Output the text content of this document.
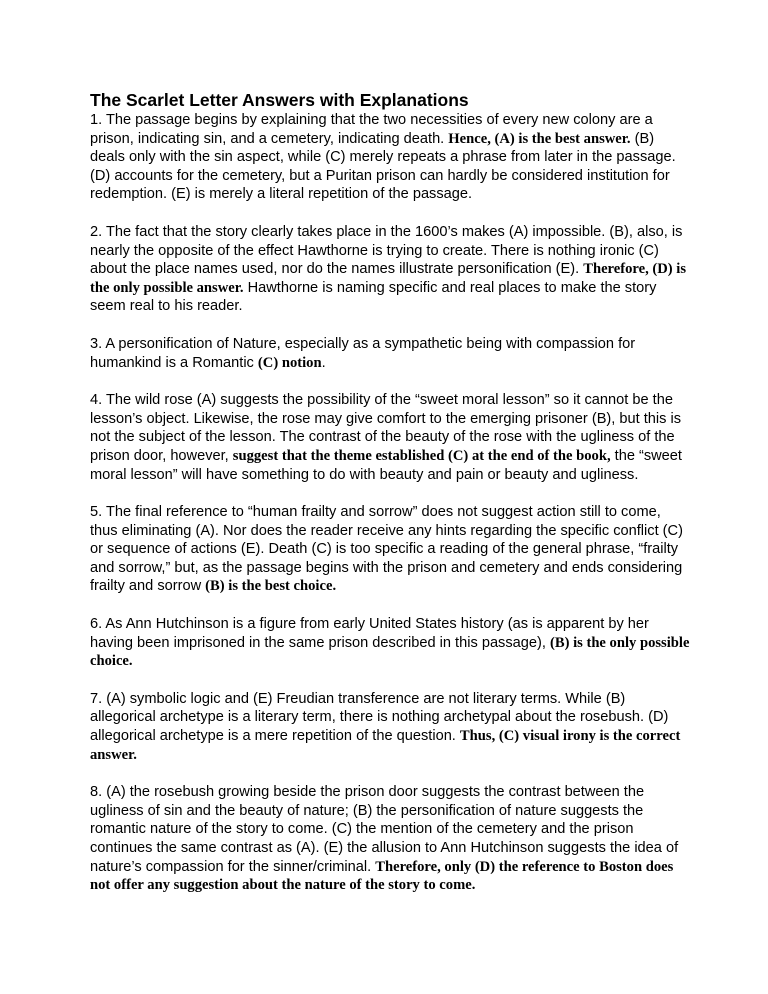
The Scarlet Letter Answers with Explanations

1. The passage begins by explaining that the two necessities of every new colony are a prison, indicating sin, and a cemetery, indicating death. Hence, (A) is the best answer. (B) deals only with the sin aspect, while (C) merely repeats a phrase from later in the passage.(D) accounts for the cemetery, but a Puritan prison can hardly be considered institution for redemption. (E) is merely a literal repetition of the passage.

2. The fact that the story clearly takes place in the 1600’s makes (A) impossible. (B), also, is nearly the opposite of the effect Hawthorne is trying to create. There is nothing ironic (C) about the place names used, nor do the names illustrate personification (E). Therefore, (D) is the only possible answer. Hawthorne is naming specific and real places to make the story seem real to his reader.

3. A personification of Nature, especially as a sympathetic being with compassion for humankind is a Romantic (C) notion.

4. The wild rose (A) suggests the possibility of the “sweet moral lesson” so it cannot be the lesson’s object. Likewise, the rose may give comfort to the emerging prisoner (B), but this is not the subject of the lesson. The contrast of the beauty of the rose with the ugliness of the prison door, however, suggest that the theme established (C) at the end of the book, the “sweet moral lesson” will have something to do with beauty and pain or beauty and ugliness.

5. The final reference to “human frailty and sorrow” does not suggest action still to come, thus eliminating (A). Nor does the reader receive any hints regarding the specific conflict (C) or sequence of actions (E). Death (C) is too specific a reading of the general phrase, “frailty and sorrow,” but, as the passage begins with the prison and cemetery and ends considering frailty and sorrow (B) is the best choice.

6. As Ann Hutchinson is a figure from early United States history (as is apparent by her having been imprisoned in the same prison described in this passage), (B) is the only possible choice.

7. (A) symbolic logic and (E) Freudian transference are not literary terms. While (B) allegorical archetype is a literary term, there is nothing archetypal about the rosebush. (D) allegorical archetype is a mere repetition of the question. Thus, (C) visual irony is the correct answer.

8. (A) the rosebush growing beside the prison door suggests the contrast between the ugliness of sin and the beauty of nature; (B) the personification of nature suggests the romantic nature of the story to come. (C) the mention of the cemetery and the prison continues the same contrast as (A). (E) the allusion to Ann Hutchinson suggests the idea of nature’s compassion for the sinner/criminal. Therefore, only (D) the reference to Boston does not offer any suggestion about the nature of the story to come.
